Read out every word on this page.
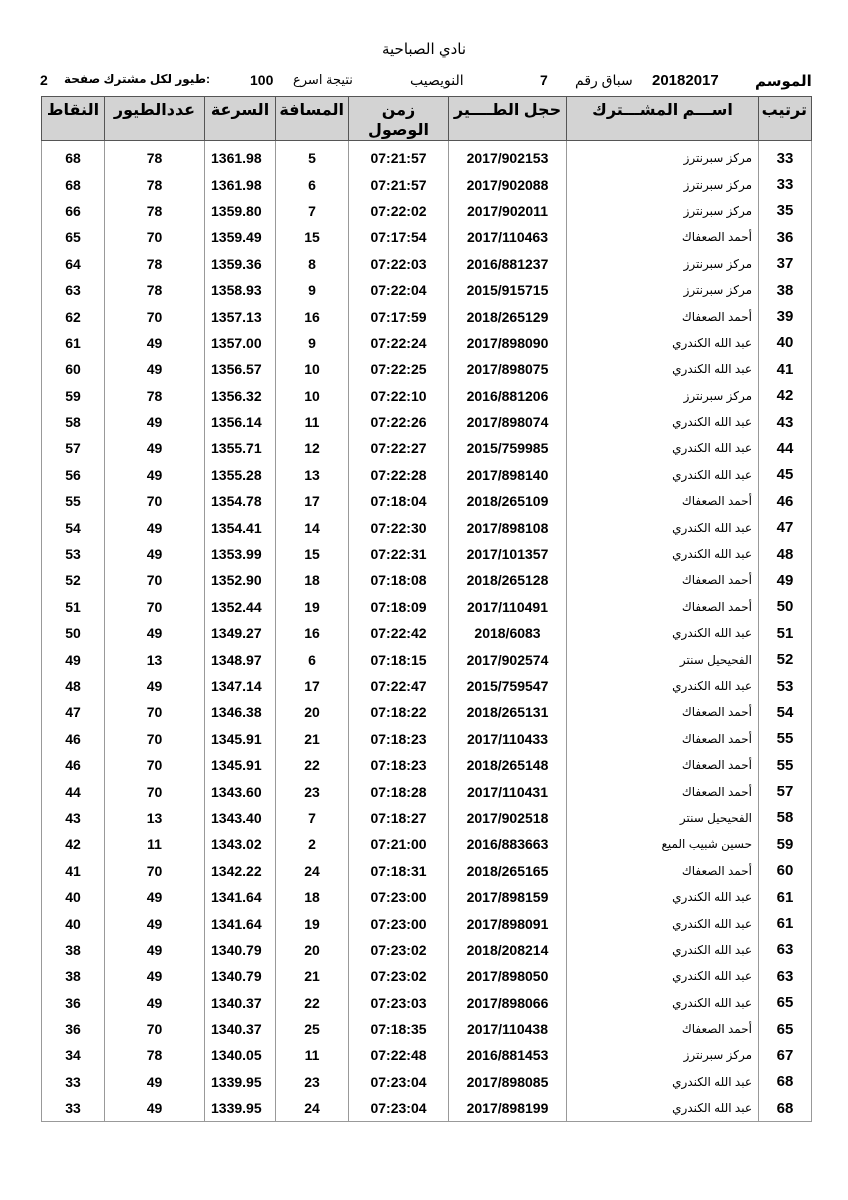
نادي الصباحية
2 طيور لكل مشترك صفحة:	100 نتيجة اسرع	النويصيب	7 سباق رقم 20182017 الموسم
ترتيب	اســـم المشـــترك	حجل الطــــير	زمن الوصول	المسافة	السرعة	عددالطيور	النقاط

33	مركز سبرنترز	2017/902153	07:21:57	5	1361.98	78	68
33	مركز سبرنترز	2017/902088	07:21:57	6	1361.98	78	68
35	مركز سبرنترز	2017/902011	07:22:02	7	1359.80	78	66
36	أحمد الصعفاك	2017/110463	07:17:54	15	1359.49	70	65
37	مركز سبرنترز	2016/881237	07:22:03	8	1359.36	78	64
38	مركز سبرنترز	2015/915715	07:22:04	9	1358.93	78	63
39	أحمد الصعفاك	2018/265129	07:17:59	16	1357.13	70	62
40	عبد الله الكندري	2017/898090	07:22:24	9	1357.00	49	61
41	عبد الله الكندري	2017/898075	07:22:25	10	1356.57	49	60
42	مركز سبرنترز	2016/881206	07:22:10	10	1356.32	78	59
43	عبد الله الكندري	2017/898074	07:22:26	11	1356.14	49	58
44	عبد الله الكندري	2015/759985	07:22:27	12	1355.71	49	57
45	عبد الله الكندري	2017/898140	07:22:28	13	1355.28	49	56
46	أحمد الصعفاك	2018/265109	07:18:04	17	1354.78	70	55
47	عبد الله الكندري	2017/898108	07:22:30	14	1354.41	49	54
48	عبد الله الكندري	2017/101357	07:22:31	15	1353.99	49	53
49	أحمد الصعفاك	2018/265128	07:18:08	18	1352.90	70	52
50	أحمد الصعفاك	2017/110491	07:18:09	19	1352.44	70	51
51	عبد الله الكندري	2018/6083	07:22:42	16	1349.27	49	50
52	الفحيحيل سنتر	2017/902574	07:18:15	6	1348.97	13	49
53	عبد الله الكندري	2015/759547	07:22:47	17	1347.14	49	48
54	أحمد الصعفاك	2018/265131	07:18:22	20	1346.38	70	47
55	أحمد الصعفاك	2017/110433	07:18:23	21	1345.91	70	46
55	أحمد الصعفاك	2018/265148	07:18:23	22	1345.91	70	46
57	أحمد الصعفاك	2017/110431	07:18:28	23	1343.60	70	44
58	الفحيحيل سنتر	2017/902518	07:18:27	7	1343.40	13	43
59	حسين شبيب الميع	2016/883663	07:21:00	2	1343.02	11	42
60	أحمد الصعفاك	2018/265165	07:18:31	24	1342.22	70	41
61	عبد الله الكندري	2017/898159	07:23:00	18	1341.64	49	40
61	عبد الله الكندري	2017/898091	07:23:00	19	1341.64	49	40
63	عبد الله الكندري	2018/208214	07:23:02	20	1340.79	49	38
63	عبد الله الكندري	2017/898050	07:23:02	21	1340.79	49	38
65	عبد الله الكندري	2017/898066	07:23:03	22	1340.37	49	36
65	أحمد الصعفاك	2017/110438	07:18:35	25	1340.37	70	36
67	مركز سبرنترز	2016/881453	07:22:48	11	1340.05	78	34
68	عبد الله الكندري	2017/898085	07:23:04	23	1339.95	49	33
68	عبد الله الكندري	2017/898199	07:23:04	24	1339.95	49	33
